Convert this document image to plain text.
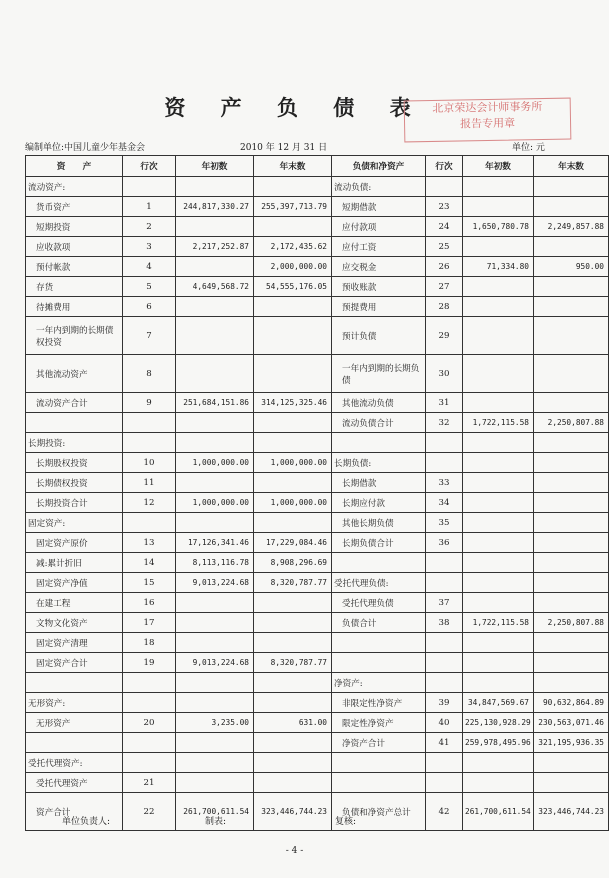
资 产 负 债 表 北京荣达会计师事务所
报告专用章
编制单位:中国儿童少年基金会	2010 年 12 月 31 日	单位: 元
资　　产	行次	年初数	年末数	负债和净资产	行次	年初数	年末数
流动资产:				流动负债:			
货币资产	1	244,817,330.27	255,397,713.79	短期借款	23		
短期投资	2			应付款项	24	1,650,780.78	2,249,857.88
应收款项	3	2,217,252.87	2,172,435.62	应付工资	25		
预付帐款	4		2,000,000.00	应交税金	26	71,334.80	950.00
存货	5	4,649,568.72	54,555,176.05	预收账款	27		
待摊费用	6			预提费用	28		
一年内到期的长期债权投资	7			预计负债	29		
其他流动资产	8			一年内到期的长期负债	30		
流动资产合计	9	251,684,151.86	314,125,325.46	其他流动负债	31		
				流动负债合计	32	1,722,115.58	2,250,807.88
长期投资:							
长期股权投资	10	1,000,000.00	1,000,000.00	长期负债:			
长期债权投资	11			长期借款	33		
长期投资合计	12	1,000,000.00	1,000,000.00	长期应付款	34		
固定资产:				其他长期负债	35		
固定资产原价	13	17,126,341.46	17,229,084.46	长期负债合计	36		
减:累计折旧	14	8,113,116.78	8,908,296.69				
固定资产净值	15	9,013,224.68	8,320,787.77	受托代理负债:			
在建工程	16			受托代理负债	37		
文物文化资产	17			负债合计	38	1,722,115.58	2,250,807.88
固定资产清理	18						
固定资产合计	19	9,013,224.68	8,320,787.77				
				净资产:			
无形资产:				非限定性净资产	39	34,847,569.67	90,632,864.89
无形资产	20	3,235.00	631.00	限定性净资产	40	225,130,928.29	230,563,071.46
				净资产合计	41	259,978,495.96	321,195,936.35
受托代理资产:							
受托代理资产	21						
资产合计	22	261,700,611.54	323,446,744.23	负债和净资产总计	42	261,700,611.54	323,446,744.23
单位负责人:	制表:	复核:
- 4 -
